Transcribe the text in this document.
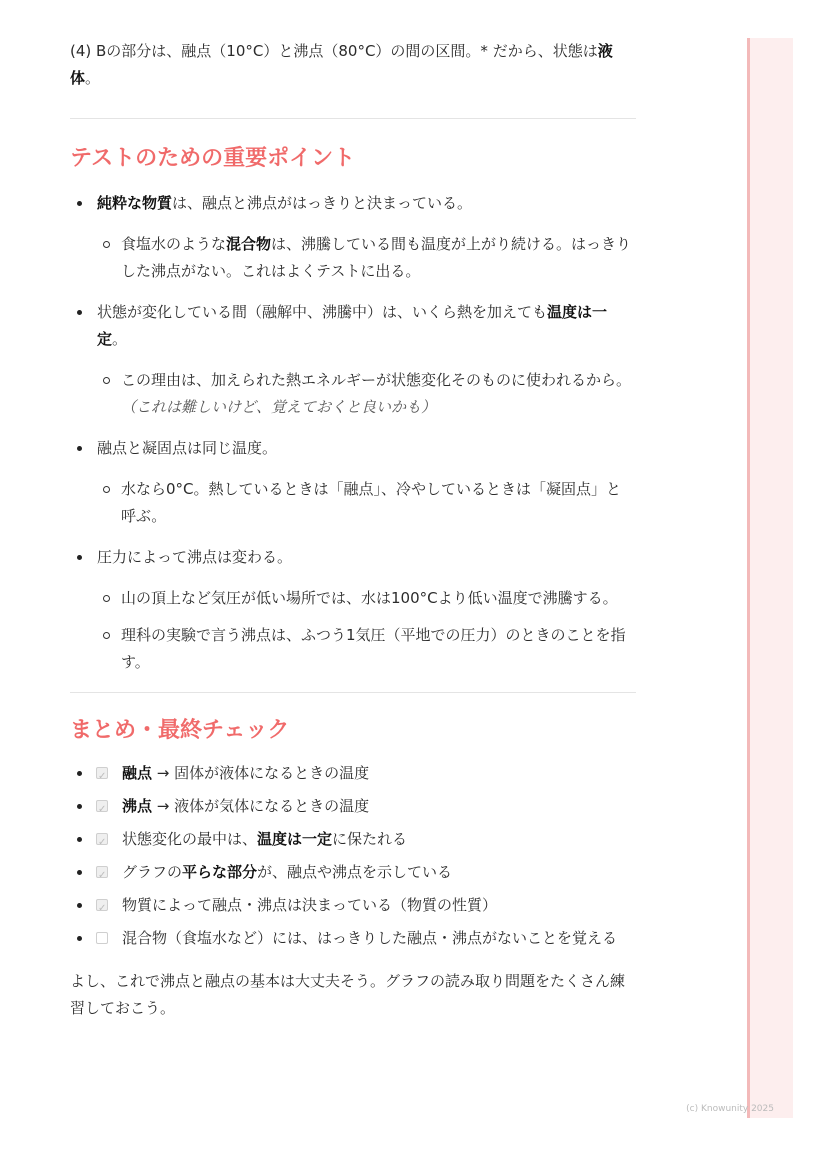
(4) Bの部分は、融点（10°C）と沸点（80°C）の間の区間。* だから、状態は液体。
テストのための重要ポイント
純粋な物質は、融点と沸点がはっきりと決まっている。
食塩水のような混合物は、沸騰している間も温度が上がり続ける。はっきりした沸点がない。これはよくテストに出る。
状態が変化している間（融解中、沸騰中）は、いくら熱を加えても温度は一定。
この理由は、加えられた熱エネルギーが状態変化そのものに使われるから。（これは難しいけど、覚えておくと良いかも）
融点と凝固点は同じ温度。
水なら0°C。熱しているときは「融点」、冷やしているときは「凝固点」と呼ぶ。
圧力によって沸点は変わる。
山の頂上など気圧が低い場所では、水は100°Cより低い温度で沸騰する。
理科の実験で言う沸点は、ふつう1気圧（平地での圧力）のときのことを指す。
まとめ・最終チェック
✓
融点 → 固体が液体になるときの温度
✓
沸点 → 液体が気体になるときの温度
✓
状態変化の最中は、温度は一定に保たれる
✓
グラフの平らな部分が、融点や沸点を示している
✓
物質によって融点・沸点は決まっている（物質の性質）
混合物（食塩水など）には、はっきりした融点・沸点がないことを覚える
よし、これで沸点と融点の基本は大丈夫そう。グラフの読み取り問題をたくさん練習しておこう。
(c) Knowunity 2025
